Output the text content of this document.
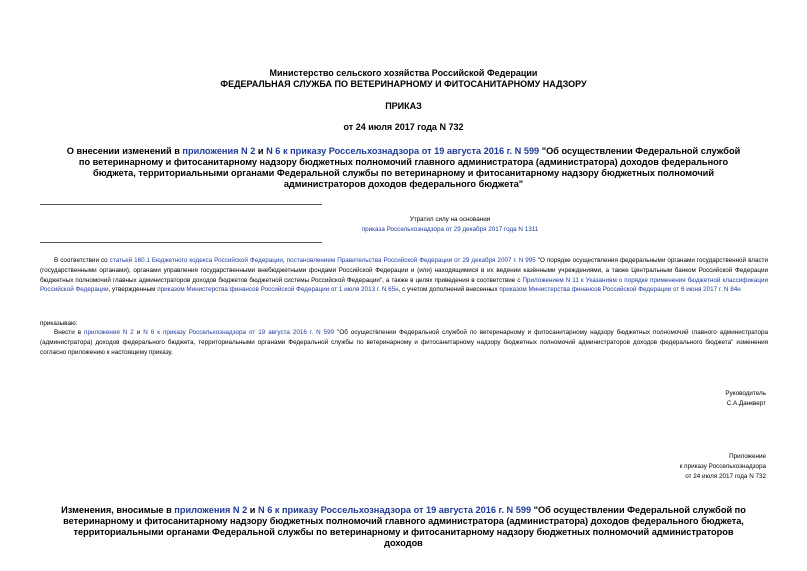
Министерство сельского хозяйства Российской Федерации
ФЕДЕРАЛЬНАЯ СЛУЖБА ПО ВЕТЕРИНАРНОМУ И ФИТОСАНИТАРНОМУ НАДЗОРУ
ПРИКАЗ
от 24 июля 2017 года N 732
О внесении изменений в приложения N 2 и N 6 к приказу Россельхознадзора от 19 августа 2016 г. N 599 "Об осуществлении Федеральной службой по ветеринарному и фитосанитарному надзору бюджетных полномочий главного администратора (администратора) доходов федерального бюджета, территориальными органами Федеральной службы по ветеринарному и фитосанитарному надзору бюджетных полномочий администраторов доходов федерального бюджета"
Утратил силу на основании
приказа Россельхознадзора от 29 декабря 2017 года N 1311
В соответствии со статьей 160.1 Бюджетного кодекса Российской Федерации, постановлением Правительства Российской Федерации от 29 декабря 2007 г. N 995 "О порядке осуществления федеральными органами государственной власти (государственными органами), органами управления государственными внебюджетными фондами Российской Федерации и (или) находящимися в их ведении казёнными учреждениями, а также Центральным банком Российской Федерации бюджетных полномочий главных администраторов доходов бюджетов бюджетной системы Российской Федерации", а также в целях приведения в соответствие с Приложением N 11 к Указаниям о порядке применения бюджетной классификации Российской Федерации, утвержденным приказом Министерства финансов Российской Федерации от 1 июля 2013 г. N 65н, с учетом дополнений внесенных приказом Министерства финансов Российской Федерации от 6 июня 2017 г. N 84н
приказываю:
Внести в приложения N 2 и N 6 к приказу Россельхознадзора от 19 августа 2016 г. N 599 "Об осуществлении Федеральной службой по ветеринарному и фитосанитарному надзору бюджетных полномочий главного администратора (администратора) доходов федерального бюджета, территориальными органами Федеральной службы по ветеринарному и фитосанитарному надзору бюджетных полномочий администраторов доходов федерального бюджета" изменения согласно приложению к настоящему приказу.
Руководитель
С.А.Данкверт
Приложение
к приказу Россельхознадзора
от 24 июля 2017 года N 732
Изменения, вносимые в приложения N 2 и N 6 к приказу Россельхознадзора от 19 августа 2016 г. N 599 "Об осуществлении Федеральной службой по ветеринарному и фитосанитарному надзору бюджетных полномочий главного администратора (администратора) доходов федерального бюджета, территориальными органами Федеральной службы по ветеринарному и фитосанитарному надзору бюджетных полномочий администраторов доходов
